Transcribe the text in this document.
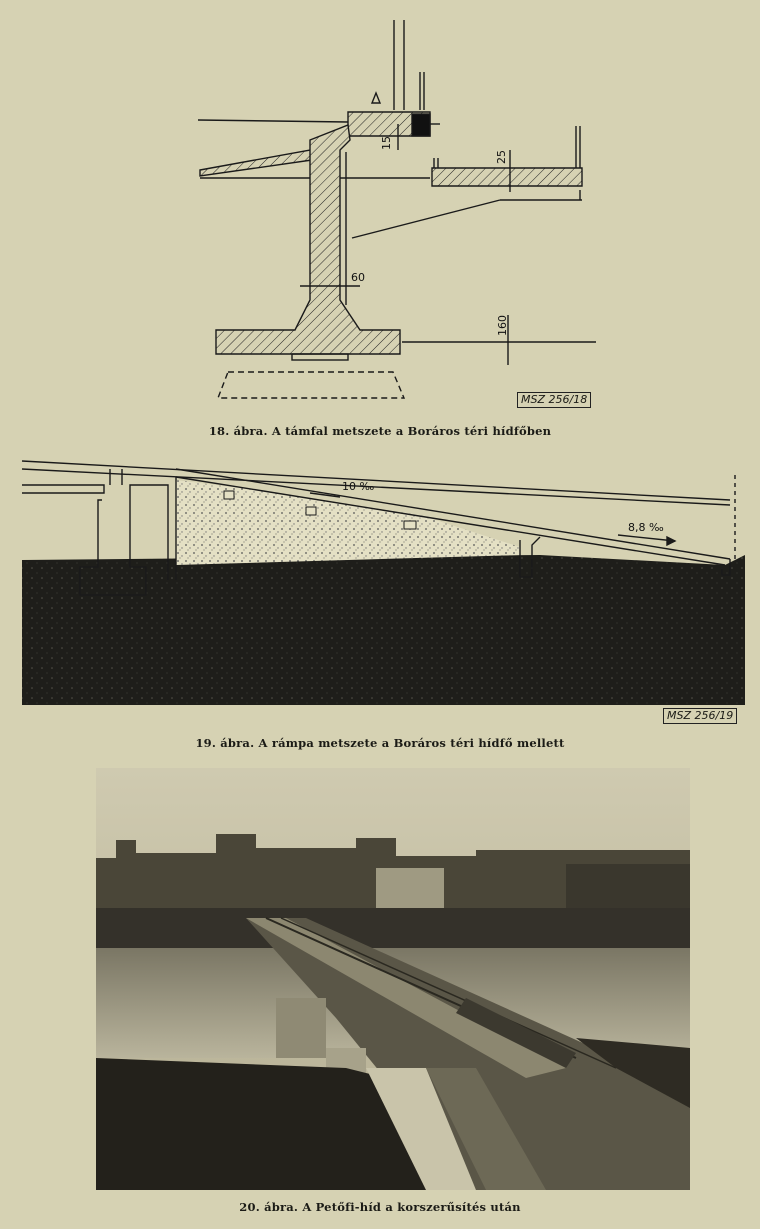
15
25
60
160
MSZ 256/18
18. ábra. A támfal metszete a Boráros téri hídfőben
10 ‰
8,8 ‰
MSZ 256/19
19. ábra. A rámpa metszete a Boráros téri hídfő mellett
20. ábra. A Petőfi-híd a korszerűsítés után
